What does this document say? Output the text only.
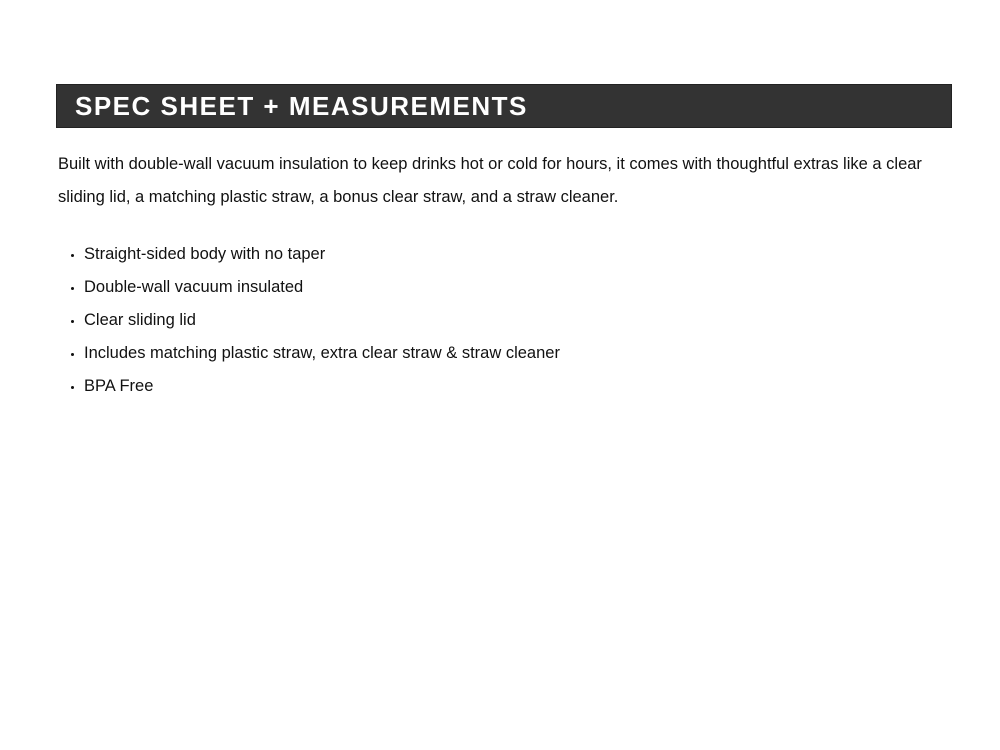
SPEC SHEET + MEASUREMENTS

Built with double-wall vacuum insulation to keep drinks hot or cold for hours, it comes with thoughtful extras like a clear sliding lid, a matching plastic straw, a bonus clear straw, and a straw cleaner.

• Straight-sided body with no taper
• Double-wall vacuum insulated
• Clear sliding lid
• Includes matching plastic straw, extra clear straw & straw cleaner
• BPA Free
